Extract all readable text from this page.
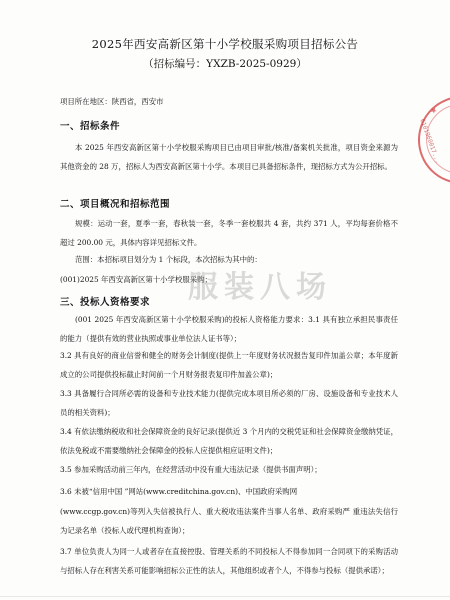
2025年西安高新区第十小学校服采购项目招标公告
（招标编号：YXZB-2025-0929）
项目所在地区：陕西省，西安市
一、招标条件
本 2025 年西安高新区第十小学校服采购项目已由项目审批/核准/备案机关批准，项目资金来源为其他资金的 28 万，招标人为西安高新区第十小学。本项目已具备招标条件，现招标方式为公开招标。
二、项目概况和招标范围
规模：运动一套，夏季一套，春秋装一套，冬季一套校服共 4 套，共约 371 人，平均每套价格不超过 200.00 元，具体内容详见招标文件。
范围：本招标项目划分为 1 个标段，本次招标为其中的：
(001)2025 年西安高新区第十小学校服采购；
三、投标人资格要求
(001 2025 年西安高新区第十小学校服采购)的投标人资格能力要求：3.1 具有独立承担民事责任的能力（提供有效的营业执照或事业单位法人证书等）；
3.2 具有良好的商业信誉和健全的财务会计制度(提供上一年度财务状况报告复印件加盖公章；本年度新成立的公司提供投标截止时间前一个月财务报表复印件加盖公章)；
3.3 具备履行合同所必需的设备和专业技术能力(提供完成本项目所必须的厂房、设施设备和专业技术人员的相关资料)；
3.4 有依法缴纳税收和社会保障资金的良好记录(提供近 3 个月内的交税凭证和社会保障资金缴纳凭证，依法免税或不需要缴纳社会保障金的投标人应提供相应证明文件)；
3.5 参加采购活动前三年内，在经营活动中没有重大违法记录（提供书面声明）；
3.6 未被“信用中国 ”网站(www.creditchina.gov.cn)、中国政府采购网
(www.ccgp.gov.cn)等列入失信被执行人、重大税收违法案件当事人名单、政府采购严 重违法失信行为记录名单（投标人或代理机构查询）；
3.7 单位负责人为同一人或者存在直接控股、管理关系的不同投标人不得参加同一合同项下的采购活动 与招标人存在利害关系可能影响招标公正性的法人，其他组织或者个人，不得参与投标（提供承诺）；
服装八场
★
6101960017...
